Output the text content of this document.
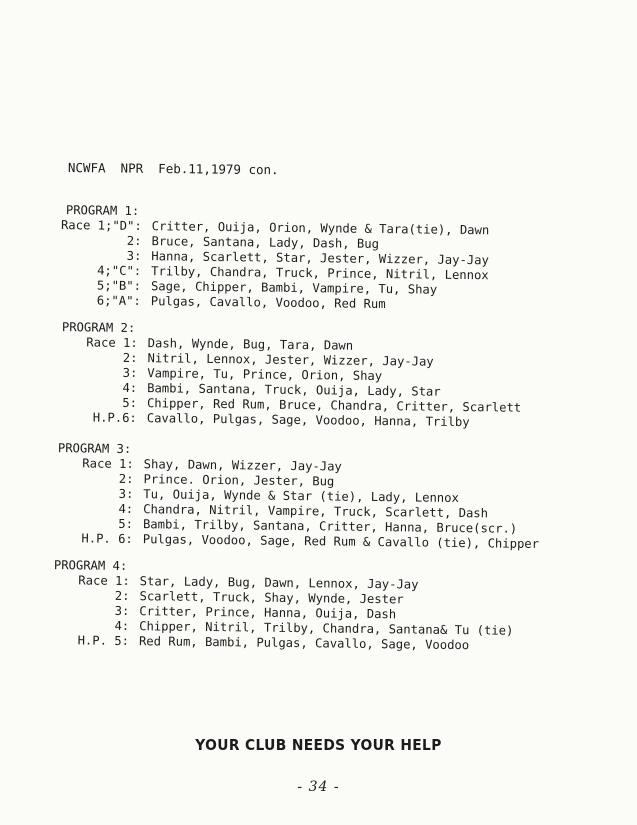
NCWFA  NPR  Feb.11,1979 con.
PROGRAM 1:
Race 1;"D": Critter, Ouija, Orion, Wynde & Tara(tie), Dawn
2: Bruce, Santana, Lady, Dash, Bug
3: Hanna, Scarlett, Star, Jester, Wizzer, Jay-Jay
4;"C": Trilby, Chandra, Truck, Prince, Nitril, Lennox
5;"B": Sage, Chipper, Bambi, Vampire, Tu, Shay
6;"A": Pulgas, Cavallo, Voodoo, Red Rum
PROGRAM 2:
Race 1: Dash, Wynde, Bug, Tara, Dawn
2: Nitril, Lennox, Jester, Wizzer, Jay-Jay
3: Vampire, Tu, Prince, Orion, Shay
4: Bambi, Santana, Truck, Ouija, Lady, Star
5: Chipper, Red Rum, Bruce, Chandra, Critter, Scarlett
H.P.6: Cavallo, Pulgas, Sage, Voodoo, Hanna, Trilby
PROGRAM 3:
Race 1: Shay, Dawn, Wizzer, Jay-Jay
2: Prince. Orion, Jester, Bug
3: Tu, Ouija, Wynde & Star (tie), Lady, Lennox
4: Chandra, Nitril, Vampire, Truck, Scarlett, Dash
5: Bambi, Trilby, Santana, Critter, Hanna, Bruce(scr.)
H.P. 6: Pulgas, Voodoo, Sage, Red Rum & Cavallo (tie), Chipper
PROGRAM 4:
Race 1: Star, Lady, Bug, Dawn, Lennox, Jay-Jay
2: Scarlett, Truck, Shay, Wynde, Jester
3: Critter, Prince, Hanna, Ouija, Dash
4: Chipper, Nitril, Trilby, Chandra, Santana& Tu (tie)
H.P. 5: Red Rum, Bambi, Pulgas, Cavallo, Sage, Voodoo
YOUR CLUB NEEDS YOUR HELP
- 34 -
